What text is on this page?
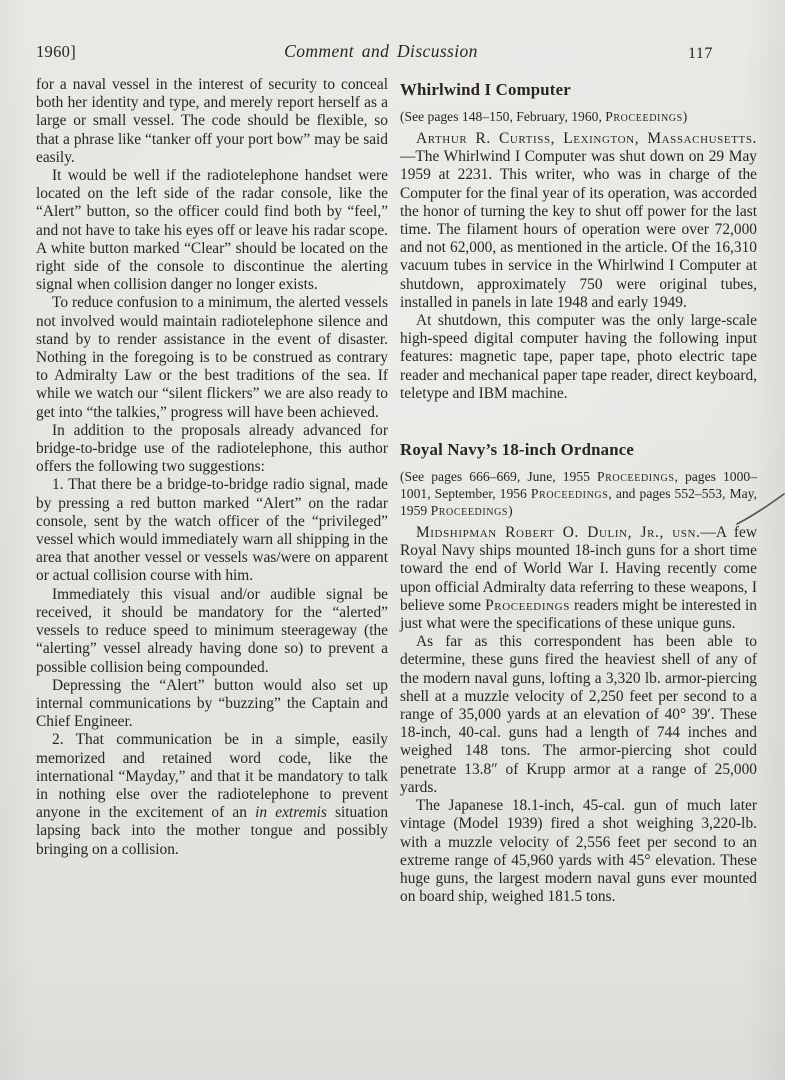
1960]	Comment and Discussion	117

for a naval vessel in the interest of security to conceal both her identity and type, and merely report herself as a large or small vessel. The code should be flexible, so that a phrase like “tanker off your port bow” may be said easily.

It would be well if the radiotelephone handset were located on the left side of the radar console, like the “Alert” button, so the officer could find both by “feel,” and not have to take his eyes off or leave his radar scope. A white button marked “Clear” should be located on the right side of the console to discontinue the alerting signal when collision danger no longer exists.

To reduce confusion to a minimum, the alerted vessels not involved would maintain radiotelephone silence and stand by to render assistance in the event of disaster. Nothing in the foregoing is to be construed as contrary to Admiralty Law or the best traditions of the sea. If while we watch our “silent flickers” we are also ready to get into “the talkies,” progress will have been achieved.

In addition to the proposals already advanced for bridge-to-bridge use of the radiotelephone, this author offers the following two suggestions:

1. That there be a bridge-to-bridge radio signal, made by pressing a red button marked “Alert” on the radar console, sent by the watch officer of the “privileged” vessel which would immediately warn all shipping in the area that another vessel or vessels was/were on apparent or actual collision course with him.

Immediately this visual and/or audible signal be received, it should be mandatory for the “alerted” vessels to reduce speed to minimum steerageway (the “alerting” vessel already having done so) to prevent a possible collision being compounded.

Depressing the “Alert” button would also set up internal communications by “buzzing” the Captain and Chief Engineer.

2. That communication be in a simple, easily memorized and retained word code, like the international “Mayday,” and that it be mandatory to talk in nothing else over the radiotelephone to prevent anyone in the excitement of an in extremis situation lapsing back into the mother tongue and possibly bringing on a collision.

Whirlwind I Computer

(See pages 148–150, February, 1960, Proceedings)

Arthur R. Curtiss, Lexington, Massachusetts.—The Whirlwind I Computer was shut down on 29 May 1959 at 2231. This writer, who was in charge of the Computer for the final year of its operation, was accorded the honor of turning the key to shut off power for the last time. The filament hours of operation were over 72,000 and not 62,000, as mentioned in the article. Of the 16,310 vacuum tubes in service in the Whirlwind I Computer at shutdown, approximately 750 were original tubes, installed in panels in late 1948 and early 1949.

At shutdown, this computer was the only large-scale high-speed digital computer having the following input features: magnetic tape, paper tape, photo electric tape reader and mechanical paper tape reader, direct keyboard, teletype and IBM machine.

Royal Navy’s 18-inch Ordnance

(See pages 666–669, June, 1955 Proceedings, pages 1000–1001, September, 1956 Proceedings, and pages 552–553, May, 1959 Proceedings)

Midshipman Robert O. Dulin, Jr., usn.—A few Royal Navy ships mounted 18-inch guns for a short time toward the end of World War I. Having recently come upon official Admiralty data referring to these weapons, I believe some Proceedings readers might be interested in just what were the specifications of these unique guns.

As far as this correspondent has been able to determine, these guns fired the heaviest shell of any of the modern naval guns, lofting a 3,320 lb. armor-piercing shell at a muzzle velocity of 2,250 feet per second to a range of 35,000 yards at an elevation of 40° 39′. These 18-inch, 40-cal. guns had a length of 744 inches and weighed 148 tons. The armor-piercing shot could penetrate 13.8″ of Krupp armor at a range of 25,000 yards.

The Japanese 18.1-inch, 45-cal. gun of much later vintage (Model 1939) fired a shot weighing 3,220-lb. with a muzzle velocity of 2,556 feet per second to an extreme range of 45,960 yards with 45° elevation. These huge guns, the largest modern naval guns ever mounted on board ship, weighed 181.5 tons.
